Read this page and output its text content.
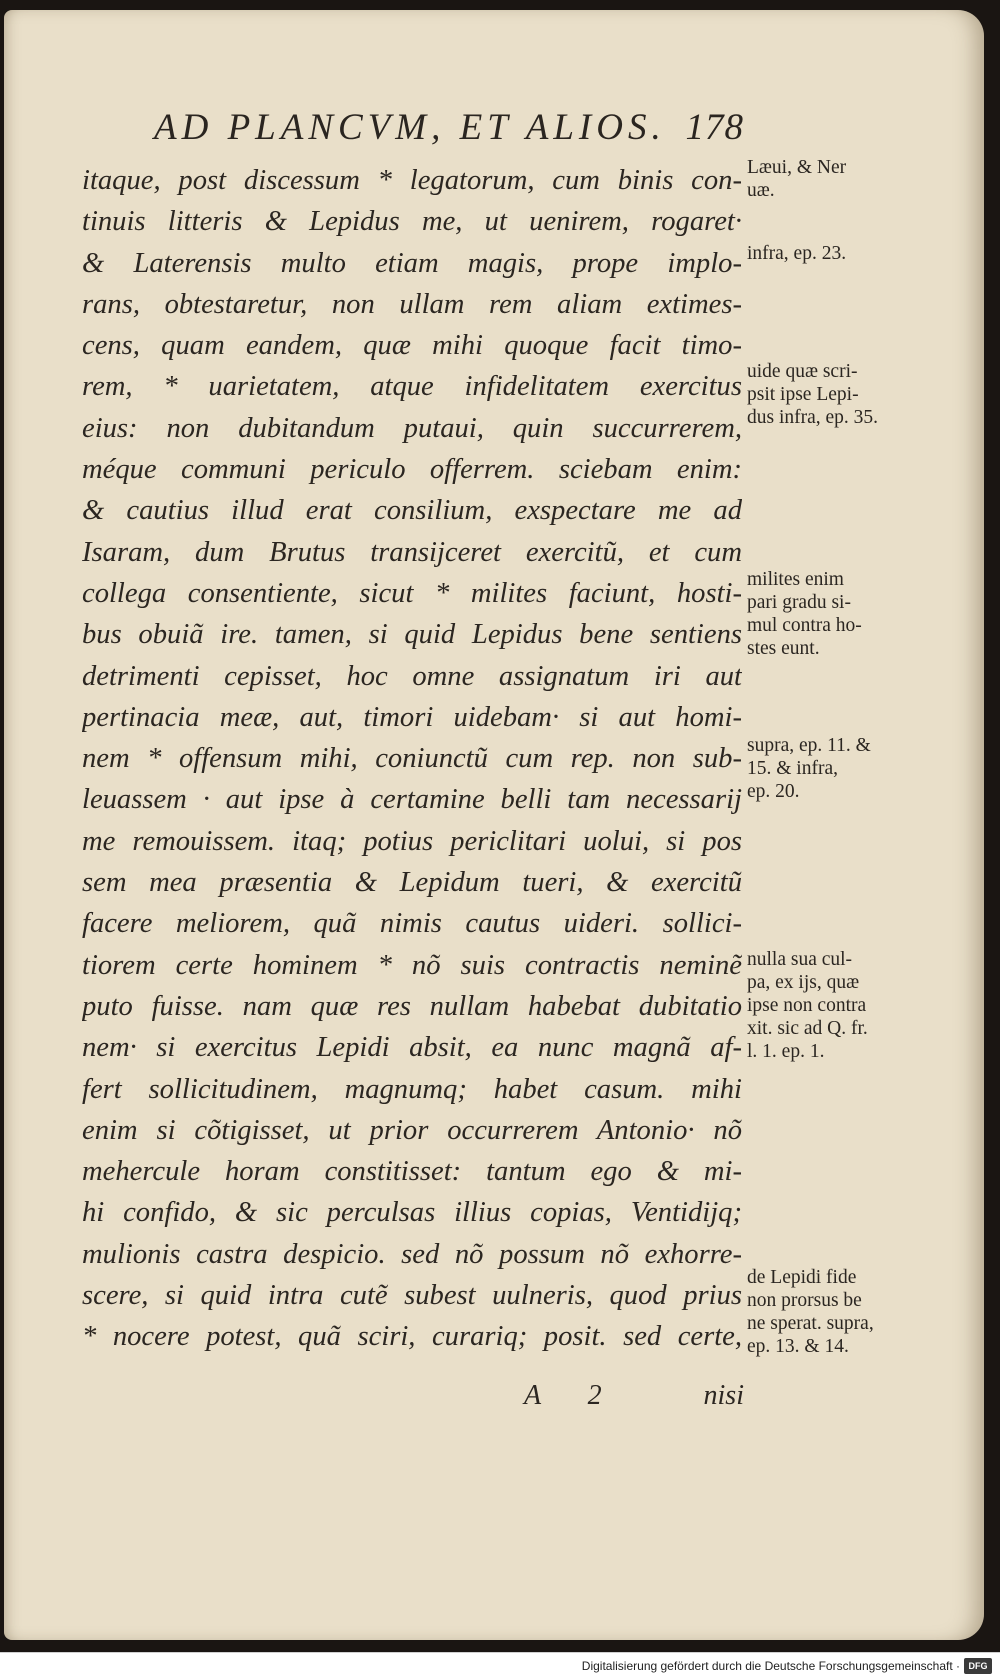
AD PLANCVM, ET ALIOS. 178
itaque, post discessum * legatorum, cum binis con-
tinuis litteris & Lepidus me, ut uenirem, rogaret·
& Laterensis multo etiam magis, prope implo-
rans, obtestaretur, non ullam rem aliam extimes-
cens, quam eandem, quæ mihi quoque facit timo-
rem, * uarietatem, atque infidelitatem exercitus
eius: non dubitandum putaui, quin succurrerem,
méque communi periculo offerrem. sciebam enim:
& cautius illud erat consilium, exspectare me ad
Isaram, dum Brutus transijceret exercitũ, et cum
collega consentiente, sicut * milites faciunt, hosti-
bus obuiã ire. tamen, si quid Lepidus bene sentiens
detrimenti cepisset, hoc omne assignatum iri aut
pertinacia meæ, aut, timori uidebam· si aut homi-
nem * offensum mihi, coniunctũ cum rep. non sub-
leuassem · aut ipse à certamine belli tam necessarij
me remouissem. itaq; potius periclitari uolui, si pos
sem mea præsentia & Lepidum tueri, & exercitũ
facere meliorem, quã nimis cautus uideri. sollici-
tiorem certe hominem * nõ suis contractis neminẽ
puto fuisse. nam quæ res nullam habebat dubitatio
nem· si exercitus Lepidi absit, ea nunc magnã af-
fert sollicitudinem, magnumq; habet casum. mihi
enim si cõtigisset, ut prior occurrerem Antonio· nõ
mehercule horam constitisset: tantum ego & mi-
hi confido, & sic perculsas illius copias, Ventidijq;
mulionis castra despicio. sed nõ possum nõ exhorre-
scere, si quid intra cutẽ subest uulneris, quod prius
* nocere potest, quã sciri, curariq; posit. sed certe,
A 2	nisi
Læui, & Ner
uæ.
infra, ep. 23.
uide quæ scri-
psit ipse Lepi-
dus infra, ep. 35.
milites enim
pari gradu si-
mul contra ho-
stes eunt.
supra, ep. 11. &
15. & infra,
ep. 20.
nulla sua cul-
pa, ex ijs, quæ
ipse non contra
xit. sic ad Q. fr.
l. 1. ep. 1.
de Lepidi fide
non prorsus be
ne sperat. supra,
ep. 13. & 14.
Digitalisierung gefördert durch die Deutsche Forschungsgemeinschaft · DFG
